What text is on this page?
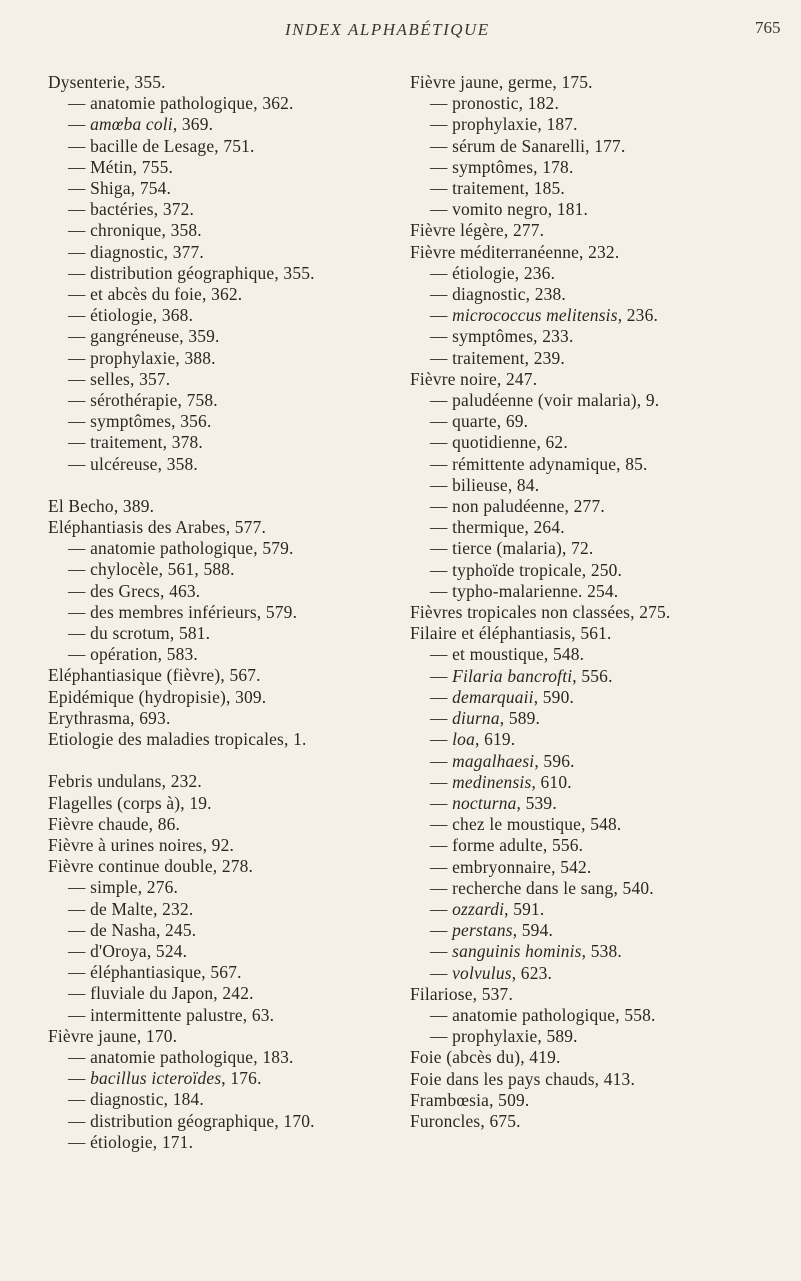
INDEX ALPHABÉTIQUE	765
Dysenterie, 355.
— anatomie pathologique, 362.
— amœba coli, 369.
— bacille de Lesage, 751.
— Métin, 755.
— Shiga, 754.
— bactéries, 372.
— chronique, 358.
— diagnostic, 377.
— distribution géographique, 355.
— et abcès du foie, 362.
— étiologie, 368.
— gangréneuse, 359.
— prophylaxie, 388.
— selles, 357.
— sérothérapie, 758.
— symptômes, 356.
— traitement, 378.
— ulcéreuse, 358.
El Becho, 389.
Eléphantiasis des Arabes, 577.
— anatomie pathologique, 579.
— chylocèle, 561, 588.
— des Grecs, 463.
— des membres inférieurs, 579.
— du scrotum, 581.
— opération, 583.
Eléphantiasique (fièvre), 567.
Epidémique (hydropisie), 309.
Erythrasma, 693.
Etiologie des maladies tropicales, 1.
Febris undulans, 232.
Flagelles (corps à), 19.
Fièvre chaude, 86.
Fièvre à urines noires, 92.
Fièvre continue double, 278.
— simple, 276.
— de Malte, 232.
— de Nasha, 245.
— d'Oroya, 524.
— éléphantiasique, 567.
— fluviale du Japon, 242.
— intermittente palustre, 63.
Fièvre jaune, 170.
— anatomie pathologique, 183.
— bacillus icteroïdes, 176.
— diagnostic, 184.
— distribution géographique, 170.
— étiologie, 171.
Fièvre jaune, germe, 175.
— pronostic, 182.
— prophylaxie, 187.
— sérum de Sanarelli, 177.
— symptômes, 178.
— traitement, 185.
— vomito negro, 181.
Fièvre légère, 277.
Fièvre méditerranéenne, 232.
— étiologie, 236.
— diagnostic, 238.
— micrococcus melitensis, 236.
— symptômes, 233.
— traitement, 239.
Fièvre noire, 247.
— paludéenne (voir malaria), 9.
— quarte, 69.
— quotidienne, 62.
— rémittente adynamique, 85.
— bilieuse, 84.
— non paludéenne, 277.
— thermique, 264.
— tierce (malaria), 72.
— typhoïde tropicale, 250.
— typho-malarienne. 254.
Fièvres tropicales non classées, 275.
Filaire et éléphantiasis, 561.
— et moustique, 548.
— Filaria bancrofti, 556.
— demarquaii, 590.
— diurna, 589.
— loa, 619.
— magalhaesi, 596.
— medinensis, 610.
— nocturna, 539.
— chez le moustique, 548.
— forme adulte, 556.
— embryonnaire, 542.
— recherche dans le sang, 540.
— ozzardi, 591.
— perstans, 594.
— sanguinis hominis, 538.
— volvulus, 623.
Filariose, 537.
— anatomie pathologique, 558.
— prophylaxie, 589.
Foie (abcès du), 419.
Foie dans les pays chauds, 413.
Frambœsia, 509.
Furoncles, 675.
